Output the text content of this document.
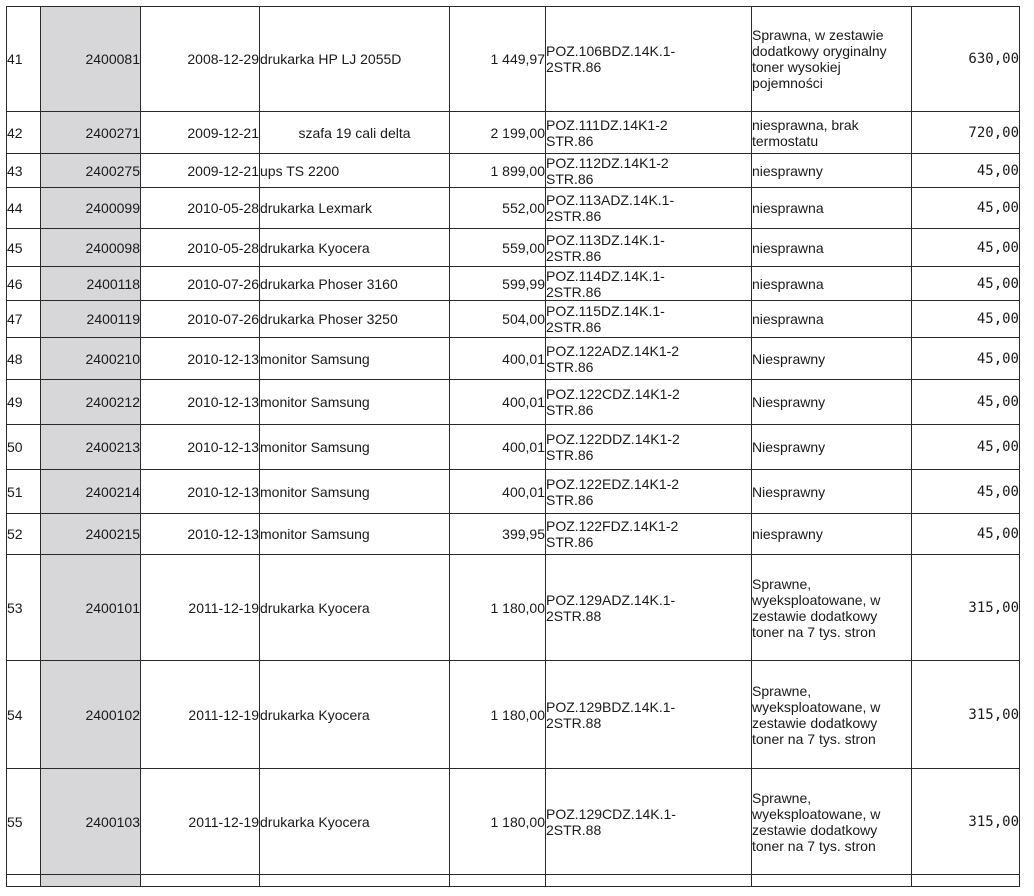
41	2400081	2008-12-29	drukarka HP LJ 2055D	1 449,97	POZ.106BDZ.14K.1-
2STR.86	Sprawna, w zestawie
dodatkowy oryginalny
toner wysokiej
pojemności	630,00
42	2400271	2009-12-21	szafa 19 cali delta	2 199,00	POZ.111DZ.14K1-2
STR.86	niesprawna, brak
termostatu	720,00
43	2400275	2009-12-21	ups TS 2200	1 899,00	POZ.112DZ.14K1-2
STR.86	niesprawny	45,00
44	2400099	2010-05-28	drukarka Lexmark	552,00	POZ.113ADZ.14K.1-
2STR.86	niesprawna	45,00
45	2400098	2010-05-28	drukarka Kyocera	559,00	POZ.113DZ.14K.1-
2STR.86	niesprawna	45,00
46	2400118	2010-07-26	drukarka Phoser 3160	599,99	POZ.114DZ.14K.1-
2STR.86	niesprawna	45,00
47	2400119	2010-07-26	drukarka Phoser 3250	504,00	POZ.115DZ.14K.1-
2STR.86	niesprawna	45,00
48	2400210	2010-12-13	monitor Samsung	400,01	POZ.122ADZ.14K1-2
STR.86	Niesprawny	45,00
49	2400212	2010-12-13	monitor Samsung	400,01	POZ.122CDZ.14K1-2
STR.86	Niesprawny	45,00
50	2400213	2010-12-13	monitor Samsung	400,01	POZ.122DDZ.14K1-2
STR.86	Niesprawny	45,00
51	2400214	2010-12-13	monitor Samsung	400,01	POZ.122EDZ.14K1-2
STR.86	Niesprawny	45,00
52	2400215	2010-12-13	monitor Samsung	399,95	POZ.122FDZ.14K1-2
STR.86	niesprawny	45,00
53	2400101	2011-12-19	drukarka Kyocera	1 180,00	POZ.129ADZ.14K.1-
2STR.88	Sprawne,
wyeksploatowane, w
zestawie dodatkowy
toner na 7 tys. stron	315,00
54	2400102	2011-12-19	drukarka Kyocera	1 180,00	POZ.129BDZ.14K.1-
2STR.88	Sprawne,
wyeksploatowane, w
zestawie dodatkowy
toner na 7 tys. stron	315,00
55	2400103	2011-12-19	drukarka Kyocera	1 180,00	POZ.129CDZ.14K.1-
2STR.88	Sprawne,
wyeksploatowane, w
zestawie dodatkowy
toner na 7 tys. stron	315,00
